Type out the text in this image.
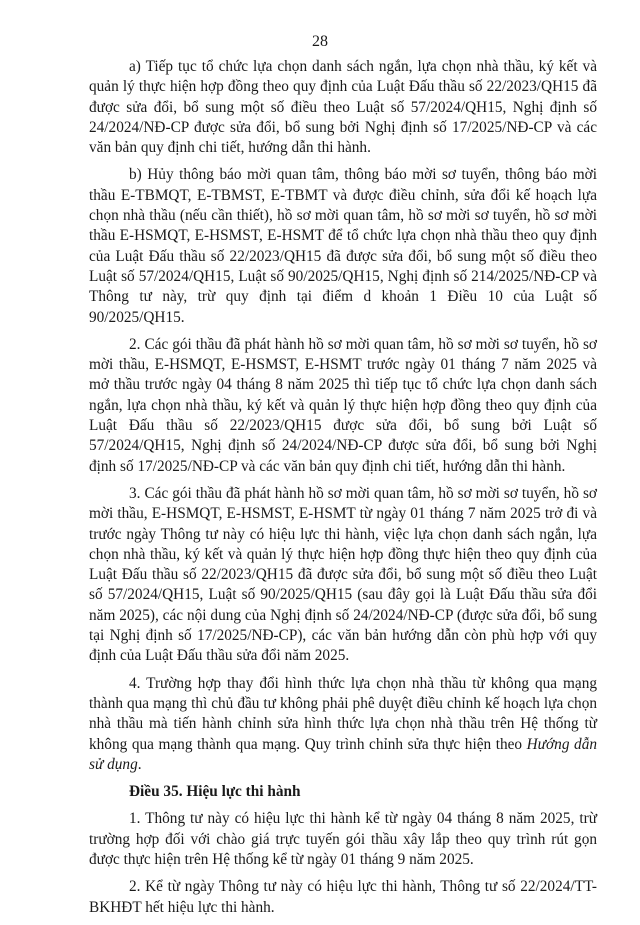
28

a) Tiếp tục tổ chức lựa chọn danh sách ngắn, lựa chọn nhà thầu, ký kết và quản lý thực hiện hợp đồng theo quy định của Luật Đấu thầu số 22/2023/QH15 đã được sửa đổi, bổ sung một số điều theo Luật số 57/2024/QH15, Nghị định số 24/2024/NĐ-CP được sửa đổi, bổ sung bởi Nghị định số 17/2025/NĐ-CP và các văn bản quy định chi tiết, hướng dẫn thi hành.

b) Hủy thông báo mời quan tâm, thông báo mời sơ tuyển, thông báo mời thầu E-TBMQT, E-TBMST, E-TBMT và được điều chỉnh, sửa đổi kế hoạch lựa chọn nhà thầu (nếu cần thiết), hồ sơ mời quan tâm, hồ sơ mời sơ tuyển, hồ sơ mời thầu E-HSMQT, E-HSMST, E-HSMT để tổ chức lựa chọn nhà thầu theo quy định của Luật Đấu thầu số 22/2023/QH15 đã được sửa đổi, bổ sung một số điều theo Luật số 57/2024/QH15, Luật số 90/2025/QH15, Nghị định số 214/2025/NĐ-CP và Thông tư này, trừ quy định tại điểm d khoản 1 Điều 10 của Luật số 90/2025/QH15.

2. Các gói thầu đã phát hành hồ sơ mời quan tâm, hồ sơ mời sơ tuyển, hồ sơ mời thầu, E-HSMQT, E-HSMST, E-HSMT trước ngày 01 tháng 7 năm 2025 và mở thầu trước ngày 04 tháng 8 năm 2025 thì tiếp tục tổ chức lựa chọn danh sách ngắn, lựa chọn nhà thầu, ký kết và quản lý thực hiện hợp đồng theo quy định của Luật Đấu thầu số 22/2023/QH15 được sửa đổi, bổ sung bởi Luật số 57/2024/QH15, Nghị định số 24/2024/NĐ-CP được sửa đổi, bổ sung bởi Nghị định số 17/2025/NĐ-CP và các văn bản quy định chi tiết, hướng dẫn thi hành.

3. Các gói thầu đã phát hành hồ sơ mời quan tâm, hồ sơ mời sơ tuyển, hồ sơ mời thầu, E-HSMQT, E-HSMST, E-HSMT từ ngày 01 tháng 7 năm 2025 trở đi và trước ngày Thông tư này có hiệu lực thi hành, việc lựa chọn danh sách ngắn, lựa chọn nhà thầu, ký kết và quản lý thực hiện hợp đồng thực hiện theo quy định của Luật Đấu thầu số 22/2023/QH15 đã được sửa đổi, bổ sung một số điều theo Luật số 57/2024/QH15, Luật số 90/2025/QH15 (sau đây gọi là Luật Đấu thầu sửa đổi năm 2025), các nội dung của Nghị định số 24/2024/NĐ-CP (được sửa đổi, bổ sung tại Nghị định số 17/2025/NĐ-CP), các văn bản hướng dẫn còn phù hợp với quy định của Luật Đấu thầu sửa đổi năm 2025.

4. Trường hợp thay đổi hình thức lựa chọn nhà thầu từ không qua mạng thành qua mạng thì chủ đầu tư không phải phê duyệt điều chỉnh kế hoạch lựa chọn nhà thầu mà tiến hành chỉnh sửa hình thức lựa chọn nhà thầu trên Hệ thống từ không qua mạng thành qua mạng. Quy trình chỉnh sửa thực hiện theo Hướng dẫn sử dụng.

Điều 35. Hiệu lực thi hành

1. Thông tư này có hiệu lực thi hành kể từ ngày 04 tháng 8 năm 2025, trừ trường hợp đối với chào giá trực tuyến gói thầu xây lắp theo quy trình rút gọn được thực hiện trên Hệ thống kể từ ngày 01 tháng 9 năm 2025.

2. Kể từ ngày Thông tư này có hiệu lực thi hành, Thông tư số 22/2024/TT-BKHĐT hết hiệu lực thi hành.
